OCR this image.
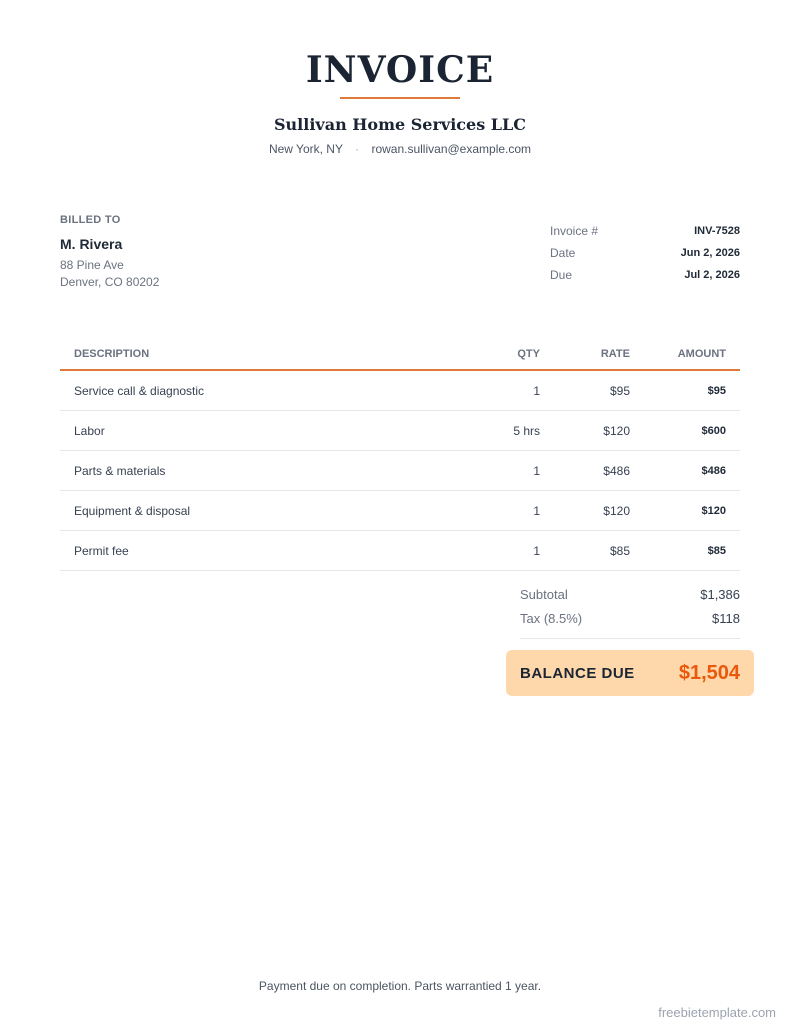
INVOICE
Sullivan Home Services LLC
New York, NY · rowan.sullivan@example.com
BILLED TO
M. Rivera
88 Pine Ave
Denver, CO 80202
Invoice #	INV-7528
Date	Jun 2, 2026
Due	Jul 2, 2026
DESCRIPTION	QTY	RATE	AMOUNT
Service call & diagnostic	1	$95	$95
Labor	5 hrs	$120	$600
Parts & materials	1	$486	$486
Equipment & disposal	1	$120	$120
Permit fee	1	$85	$85
Subtotal	$1,386
Tax (8.5%)	$118
BALANCE DUE $1,504
Payment due on completion. Parts warrantied 1 year.
freebietemplate.com
